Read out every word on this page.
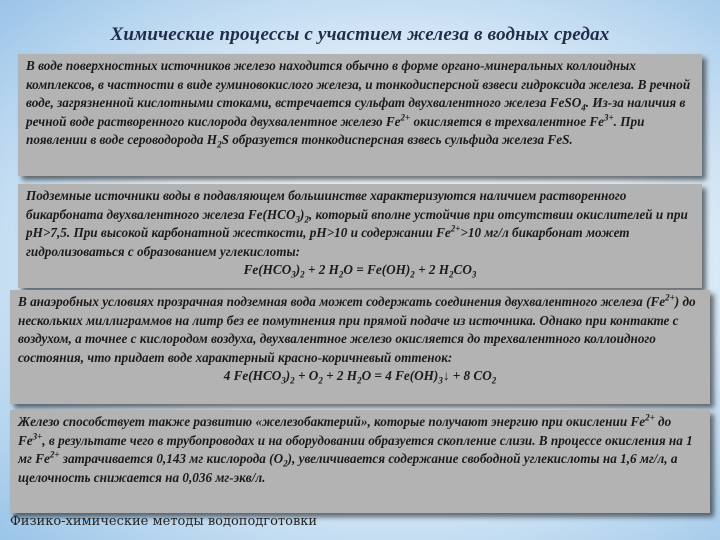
Химические процессы с участием железа в водных средах

В воде поверхностных источников железо находится обычно в форме органо-минеральных коллоидных комплексов, в частности в виде гуминовокислого железа, и тонкодисперсной взвеси гидроксида железа. В речной воде, загрязненной кислотными стоками, встречается сульфат двухвалентного железа FeSO$_4$. Из-за наличия в речной воде растворенного кислорода двухвалентное железо $Fe^{2+}$ окисляется в трехвалентное $Fe^{3+}$. При появлении в воде сероводорода $H_2S$ образуется тонкодисперсная взвесь сульфида железа FeS.

Подземные источники воды в подавляющем большинстве характеризуются наличием растворенного бикарбоната двухвалентного железа $Fe(HCO_3)_2$, который вполне устойчив при отсутствии окислителей и при pH>7,5. При высокой карбонатной жесткости, pH>10 и содержании $Fe^{2+}>10$ мг/л бикарбонат может гидролизоваться с образованием углекислоты:

$Fe(HCO_3)_2 + 2$ $H_2O = Fe(OH)_2 + 2$ $H_2CO_3$

В анаэробных условиях прозрачная подземная вода может содержать соединения двухвалентного железа $(Fe^{2+})$ до нескольких миллиграммов на литр без ее помутнения при прямой подаче из источника. Однако при контакте с воздухом, а точнее с кислородом воздуха, двухвалентное железо окисляется до трехвалентного коллоидного состояния, что придает воде характерный красно-коричневый оттенок:

4 $Fe(HCO_3)_2 + O_2 + 2$ $H_2O = 4$ $Fe(OH)_3↓ + 8$ $CO_2$

Железо способствует также развитию «железобактерий», которые получают энергию при окислении $Fe^{2+}$ до $Fe^{3+}$, в результате чего в трубопроводах и на оборудовании образуется скопление слизи. В процессе окисления на 1 мг $Fe^{2+}$ затрачивается 0,143 мг кислорода $(O_2)$, увеличивается содержание свободной углекислоты на 1,6 мг/л, а щелочность снижается на 0,036 мг-экв/л.

Физико-химические методы водоподготовки
